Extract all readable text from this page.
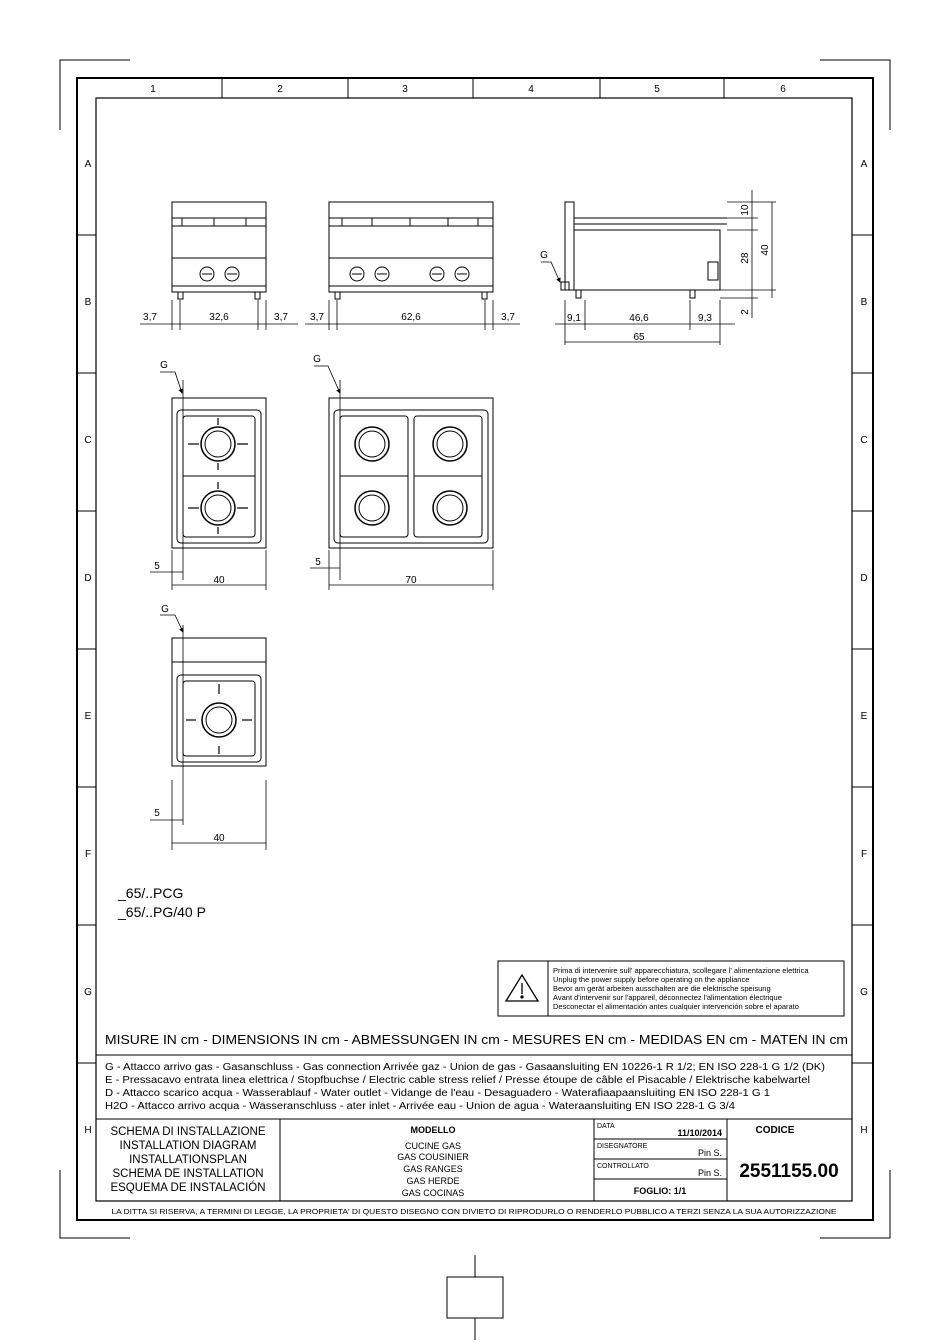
1	2	3	4	5	6
A
B
C
D
E
F
G
H
A
B
C
D
E
F
G
H
3,7	32,6	3,7 3,7	62,6	3,7
10
28
40
2
9,1	46,6	9,3
65
G
G
5
40
G
5
70
G
5
40
_65/..PCG
_65/..PG/40 P
Prima di intervenire sull' apparecchiatura, scollegare l' alimentazione elettrica
Unplug the power supply before operating on the appliance
Bevor am gerät arbeiten ausschalten are die elektrische speisung
Avant d'intervenir sur l'appareil, déconnectez l'alimentation électrique
Desconectar el alimentación antes cualquier intervención sobre el aparato
MISURE IN cm - DIMENSIONS IN cm - ABMESSUNGEN IN cm - MESURES EN cm - MEDIDAS EN cm - MATEN IN cm
G - Attacco arrivo gas - Gasanschluss - Gas connection Arrivée gaz - Union de gas - Gasaansluiting EN 10226-1 R 1/2; EN ISO 228-1 G 1/2 (DK)
E - Pressacavo entrata linea elettrica / Stopfbuchse / Electric cable stress relief / Presse étoupe de câble el Pisacable / Elektrische kabelwartel
D - Attacco scarico acqua - Wasserablauf - Water outlet - Vidange de l'eau - Desaguadero - Waterafiaapaansluiting EN ISO 228-1 G 1
H2O - Attacco arrivo acqua - Wasseranschluss - ater inlet - Arrivée eau - Union de agua - Wateraansluiting EN ISO 228-1 G 3/4
SCHEMA DI INSTALLAZIONE
INSTALLATION DIAGRAM
INSTALLATIONSPLAN
SCHEMA DE INSTALLATION
ESQUEMA DE INSTALACIÓN
MODELLO
CUCINE GAS
GAS COUSINIER
GAS RANGES
GAS HERDE
GAS COCINAS
DATA
11/10/2014
DISEGNATORE
Pin S.
CONTROLLATO
Pin S.
FOGLIO: 1/1
CODICE
2551155.00
LA DITTA SI RISERVA, A TERMINI DI LEGGE, LA PROPRIETA' DI QUESTO DISEGNO CON DIVIETO DI RIPRODURLO O RENDERLO PUBBLICO A TERZI SENZA LA SUA AUTORIZZAZIONE
